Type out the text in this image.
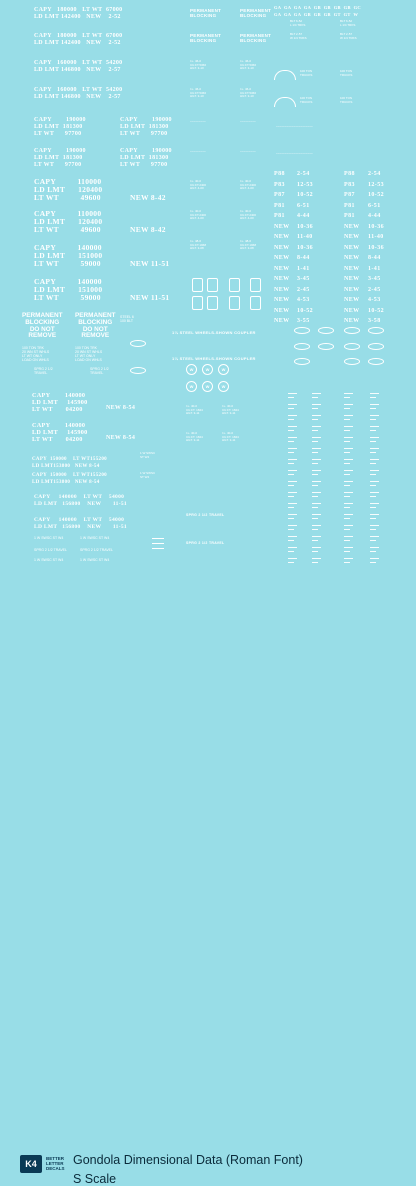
CAPY   180000   LT WT  67000
LD LMT 142400   NEW    2-52
CAPY   180000   LT WT  67000
LD LMT 142400   NEW    2-52
CAPY   160000   LT WT  54200
LD LMT 146800   NEW    2-57
CAPY   160000   LT WT  54200
LD LMT 146800   NEW    2-57
CAPY        190000
LD LMT  181300
LT WT      97700
CAPY        190000
LD LMT  181300
LT WT      97700
CAPY        190000
LD LMT  181300
LT WT      97700
CAPY        190000
LD LMT  181300
LT WT      97700
CAPY          110000
LD LMT      120400
LT WT          49600	NEW 8-42
CAPY          110000
LD LMT      120400
LT WT          49600	NEW 8-42
CAPY          140000
LD LMT      151000
LT WT          59000	NEW 11-51
CAPY          140000
LD LMT      151000
LT WT          59000	NEW 11-51
PERMANENT
BLOCKING
DO NOT
REMOVE
PERMANENT
BLOCKING
DO NOT
REMOVE
100 TON TRK
20 WN ST WHLS
LT WT ONLY
LOAD ON WHLS
100 TON TRK
20 WN ST WHLS
LT WT ONLY
LOAD ON WHLS
STEEL 6
100 BLT
SPRG 2 1/2
TRAVEL
SPRG 2 1/2
TRAVEL
CAPY        140000
LD LMT     145900
LT WT       04200	NEW 8-54
CAPY        140000
LD LMT     145900
LT WT       04200	NEW 8-54
CAPY  150000    LT WT155200
LD LMT153800   NEW 8-54
CAPY  150000    LT WT155200
LD LMT153800   NEW 8-54
CAPY     140000    LT WT    54000
LD LMT   156800    NEW       11-51
CAPY     140000    LT WT    54000
LD LMT   156800    NEW       11-51
1 W SWSC ST W4	1 W SWSC ST W4
SPRG 2 1/2 TRAVEL	SPRG 2 1/2 TRAVEL
1 W SWSC ST W4	1 W SWSC ST W4
PERMANENT
BLOCKING
PERMANENT
BLOCKING
PERMANENT
BLOCKING
PERMANENT
BLOCKING
I.L. 46-0
CU.FT.5366
HGT. 3-10
I.L. 46-0
CU.FT.5366
HGT. 3-10
I.L. 46-0
CU.FT.5366
HGT. 3-10
I.L. 46-0
CU.FT.5366
HGT. 3-10
~~~~~~~~~	~~~~~~~~~
~~~~~~~~~	~~~~~~~~~
I.L. 40-0
CU.FT.2400
HGT. 4-00
I.L. 40-0
CU.FT.2400
HGT. 4-00
I.L. 40-0
CU.FT.2400
HGT. 4-00
I.L. 40-0
CU.FT.2400
HGT. 4-00
I.L. 48-6
CU.FT.1968
HGT. 3-08
I.L. 48-6
CU.FT.1968
HGT. 3-08
1¼ STEEL WHEELS-SHOWN COUPLER
1¼ STEEL WHEELS-SHOWN COUPLER
W	W	W
W	W	W
I.L. 40-0
CU.FT. 1844
HGT. 3-11
I.L. 40-0
CU.FT. 1844
HGT. 3-11
I.L. 40-0
CU.FT. 1844
HGT. 3-11
I.L. 40-0
CU.FT. 1844
HGT. 3-11
1 W SWSC
ST W4
1 W SWSC
ST W4
SPRG 2 1/2 TRAVEL
SPRG 2 1/2 TRAVEL
BLT 6-52
L 1/4 TRKS
BLT 6-52
L 1/4 TRKS
BLT 2-57
W 1/4 TRKS
BLT 2-57
W 1/4 TRKS
100 TON
TRUCKS
100 TON
TRUCKS
100 TON
TRUCKS
100 TON
TRUCKS
~~~~~~~~~~~~~~~~~~~~~
~~~~~~~~~~~~~~~~~~~~~
GA  GA  GA  GA  GB  GB  GB  GB  GC
GA  GA  GA  GB  GB  GB  GT  GT  W
P88 2-54	P88 2-54
P83 12-53	P83 12-53
P87 10-52	P87 10-52
P81 6-51	P81 6-51
P81 4-44	P81 4-44
NEW 10-36	NEW 10-36
NEW 11-40	NEW 11-40
NEW 10-36	NEW 10-36
NEW 8-44	NEW 8-44
NEW 1-41	NEW 1-41
NEW 3-45	NEW 3-45
NEW 2-45	NEW 2-45
NEW 4-53	NEW 4-53
NEW 10-52	NEW 10-52
NEW 3-55	NEW 3-58
▬▬▬
▬▬
▬▬▬
▬▬
▬▬▬
▬▬
▬▬▬
▬▬
▬▬▬
▬▬
▬▬▬
▬▬
▬▬▬
▬▬
▬▬▬
▬▬
▬▬▬
▬▬
▬▬▬
▬▬
▬▬▬
▬▬
▬▬▬
▬▬
▬▬▬
▬▬
▬▬▬
▬▬
▬▬▬
▬▬
▬▬▬
▬▬
▬▬▬
▬▬
▬▬▬
▬▬
▬▬▬
▬▬
▬▬▬
▬▬
▬▬▬
▬▬
▬▬▬
▬▬
▬▬▬
▬▬
▬▬▬
▬▬
▬▬▬
▬▬
▬▬▬
▬▬
▬▬▬
▬▬
▬▬▬
▬▬
▬▬▬
▬▬
▬▬▬
▬▬
▬▬▬
▬▬
▬▬▬
▬▬
▬▬▬
▬▬
▬▬▬
▬▬
▬▬▬
▬▬
▬▬▬
▬▬
▬▬▬
▬▬
▬▬▬
▬▬
▬▬▬
▬▬
▬▬▬
▬▬
▬▬▬
▬▬
▬▬▬
▬▬
▬▬▬
▬▬
▬▬▬
▬▬
▬▬▬
▬▬
▬▬▬
▬▬
▬▬▬
▬▬
▬▬▬
▬▬
▬▬▬
▬▬
▬▬▬
▬▬
▬▬▬
▬▬
▬▬▬
▬▬
▬▬▬
▬▬
▬▬▬
▬▬
▬▬▬
▬▬
▬▬▬
▬▬
▬▬▬
▬▬
▬▬▬
▬▬
▬▬▬
▬▬
▬▬▬
▬▬
▬▬▬
▬▬
▬▬▬
▬▬
▬▬▬
▬▬
▬▬▬
▬▬
K4
BETTER
LETTER
DECALS
Gondola Dimensional Data (Roman Font)
S Scale
